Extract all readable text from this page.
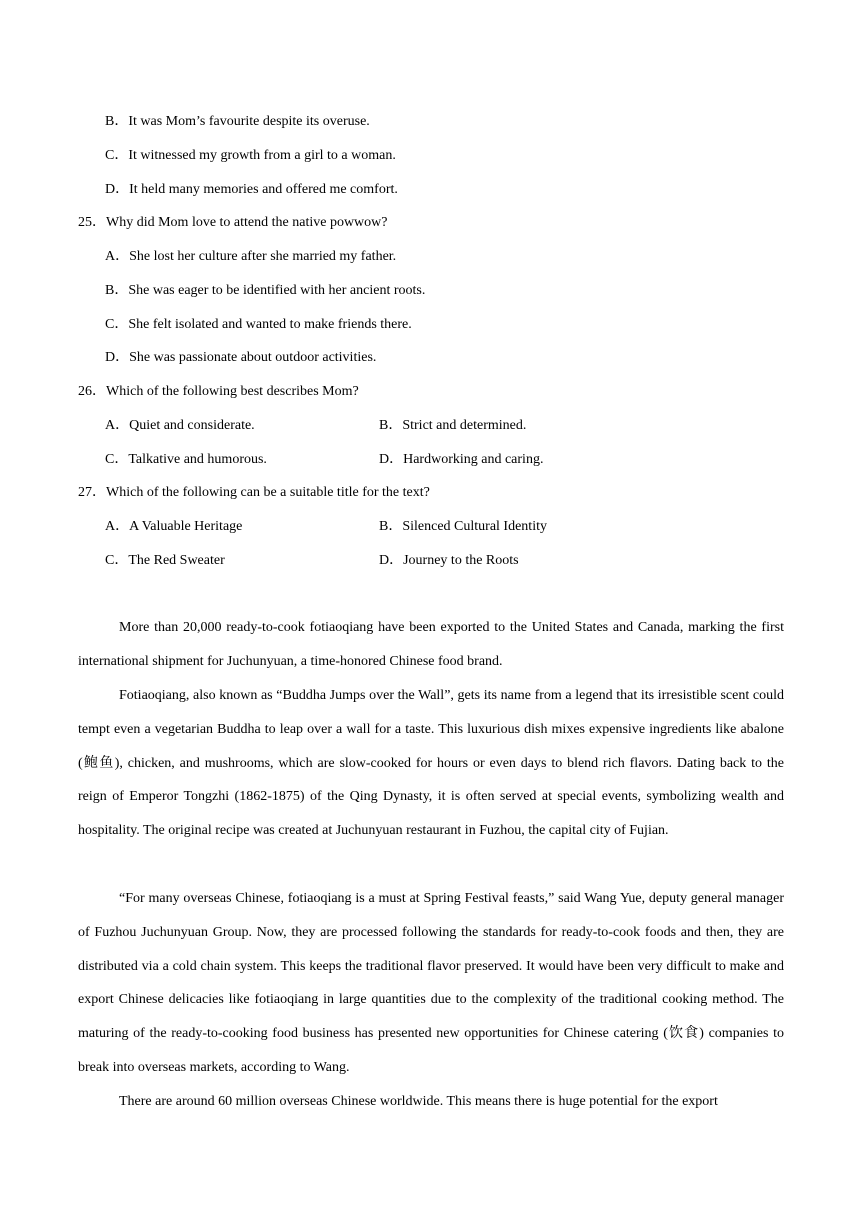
B．It was Mom’s favourite despite its overuse.
C．It witnessed my growth from a girl to a woman.
D．It held many memories and offered me comfort.
25．Why did Mom love to attend the native powwow?
A．She lost her culture after she married my father.
B．She was eager to be identified with her ancient roots.
C．She felt isolated and wanted to make friends there.
D．She was passionate about outdoor activities.
26．Which of the following best describes Mom?
A．Quiet and considerate.	B．Strict and determined.
C．Talkative and humorous.	D．Hardworking and caring.
27．Which of the following can be a suitable title for the text?
A．A Valuable Heritage	B．Silenced Cultural Identity
C．The Red Sweater	D．Journey to the Roots

More than 20,000 ready-to-cook fotiaoqiang have been exported to the United States and Canada, marking the first international shipment for Juchunyuan, a time-honored Chinese food brand.

Fotiaoqiang, also known as “Buddha Jumps over the Wall”, gets its name from a legend that its irresistible scent could tempt even a vegetarian Buddha to leap over a wall for a taste. This luxurious dish mixes expensive ingredients like abalone (鲍鱼), chicken, and mushrooms, which are slow-cooked for hours or even days to blend rich flavors. Dating back to the reign of Emperor Tongzhi (1862-1875) of the Qing Dynasty, it is often served at special events, symbolizing wealth and hospitality. The original recipe was created at Juchunyuan restaurant in Fuzhou, the capital city of Fujian.

“For many overseas Chinese, fotiaoqiang is a must at Spring Festival feasts,” said Wang Yue, deputy general manager of Fuzhou Juchunyuan Group. Now, they are processed following the standards for ready-to-cook foods and then, they are distributed via a cold chain system. This keeps the traditional flavor preserved. It would have been very difficult to make and export Chinese delicacies like fotiaoqiang in large quantities due to the complexity of the traditional cooking method. The maturing of the ready-to-cooking food business has presented new opportunities for Chinese catering (饮食) companies to break into overseas markets, according to Wang.

There are around 60 million overseas Chinese worldwide. This means there is huge potential for the export
